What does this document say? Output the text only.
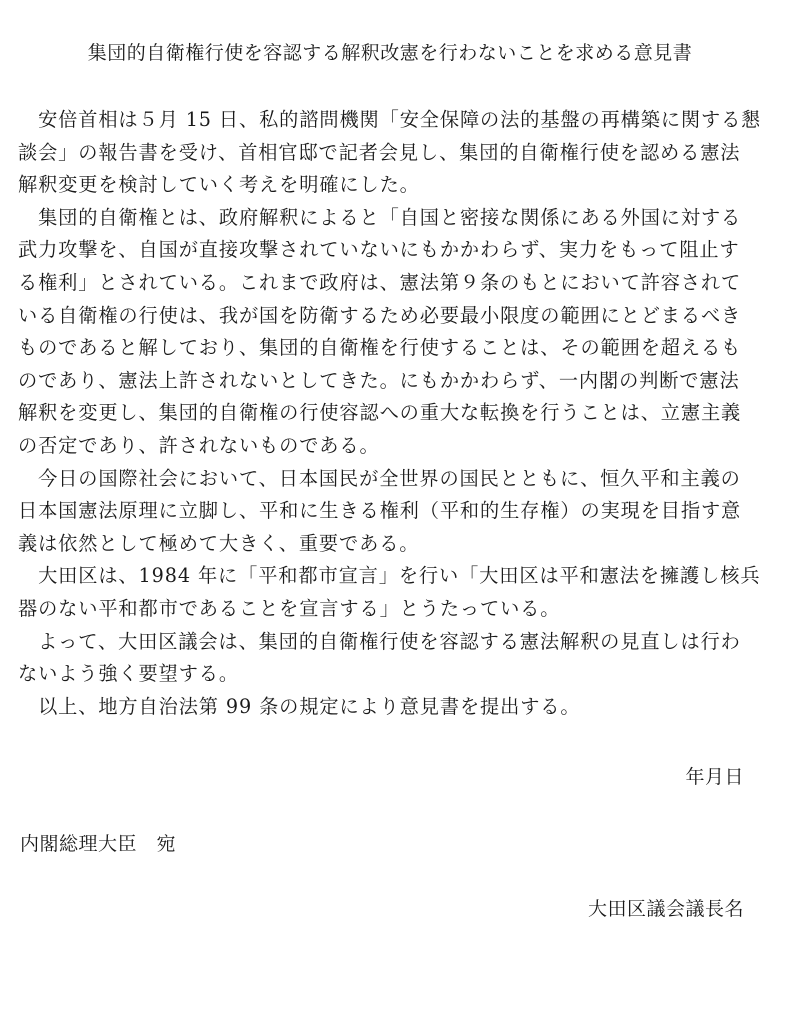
集団的自衛権行使を容認する解釈改憲を行わないことを求める意見書
　安倍首相は５月 15 日、私的諮問機関「安全保障の法的基盤の再構築に関する懇
談会」の報告書を受け、首相官邸で記者会見し、集団的自衛権行使を認める憲法
解釈変更を検討していく考えを明確にした。
　集団的自衛権とは、政府解釈によると「自国と密接な関係にある外国に対する
武力攻撃を、自国が直接攻撃されていないにもかかわらず、実力をもって阻止す
る権利」とされている。これまで政府は、憲法第９条のもとにおいて許容されて
いる自衛権の行使は、我が国を防衛するため必要最小限度の範囲にとどまるべき
ものであると解しており、集団的自衛権を行使することは、その範囲を超えるも
のであり、憲法上許されないとしてきた。にもかかわらず、一内閣の判断で憲法
解釈を変更し、集団的自衛権の行使容認への重大な転換を行うことは、立憲主義
の否定であり、許されないものである。
　今日の国際社会において、日本国民が全世界の国民とともに、恒久平和主義の
日本国憲法原理に立脚し、平和に生きる権利（平和的生存権）の実現を目指す意
義は依然として極めて大きく、重要である。
　大田区は、1984 年に「平和都市宣言」を行い「大田区は平和憲法を擁護し核兵
器のない平和都市であることを宣言する」とうたっている。
　よって、大田区議会は、集団的自衛権行使を容認する憲法解釈の見直しは行わ
ないよう強く要望する。
　以上、地方自治法第 99 条の規定により意見書を提出する。
年月日
内閣総理大臣　宛
大田区議会議長名
